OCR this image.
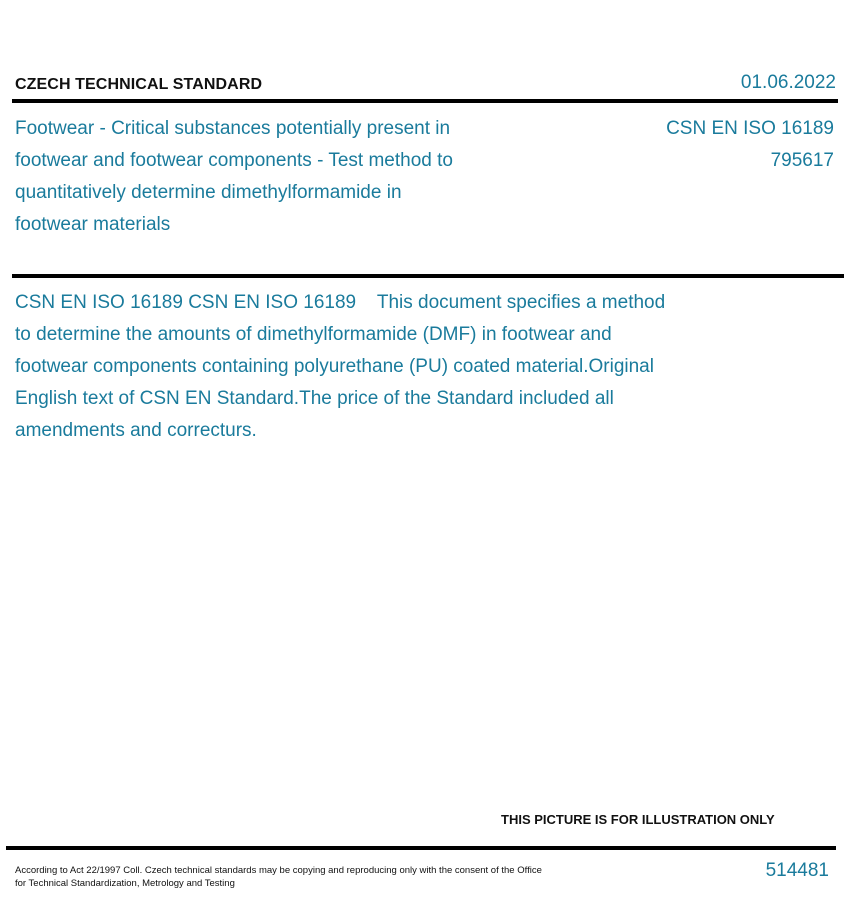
CZECH TECHNICAL STANDARD	01.06.2022
Footwear - Critical substances potentially present in footwear and footwear components - Test method to quantitatively determine dimethylformamide in footwear materials
CSN EN ISO 16189
795617
CSN EN ISO 16189 CSN EN ISO 16189    This document specifies a method to determine the amounts of dimethylformamide (DMF) in footwear and footwear components containing polyurethane (PU) coated material.Original English text of CSN EN Standard.The price of the Standard included all amendments and correcturs.
THIS PICTURE IS FOR ILLUSTRATION ONLY
According to Act 22/1997 Coll. Czech technical standards may be copying and reproducing only with the consent of the Office
for Technical Standardization, Metrology and Testing
514481
